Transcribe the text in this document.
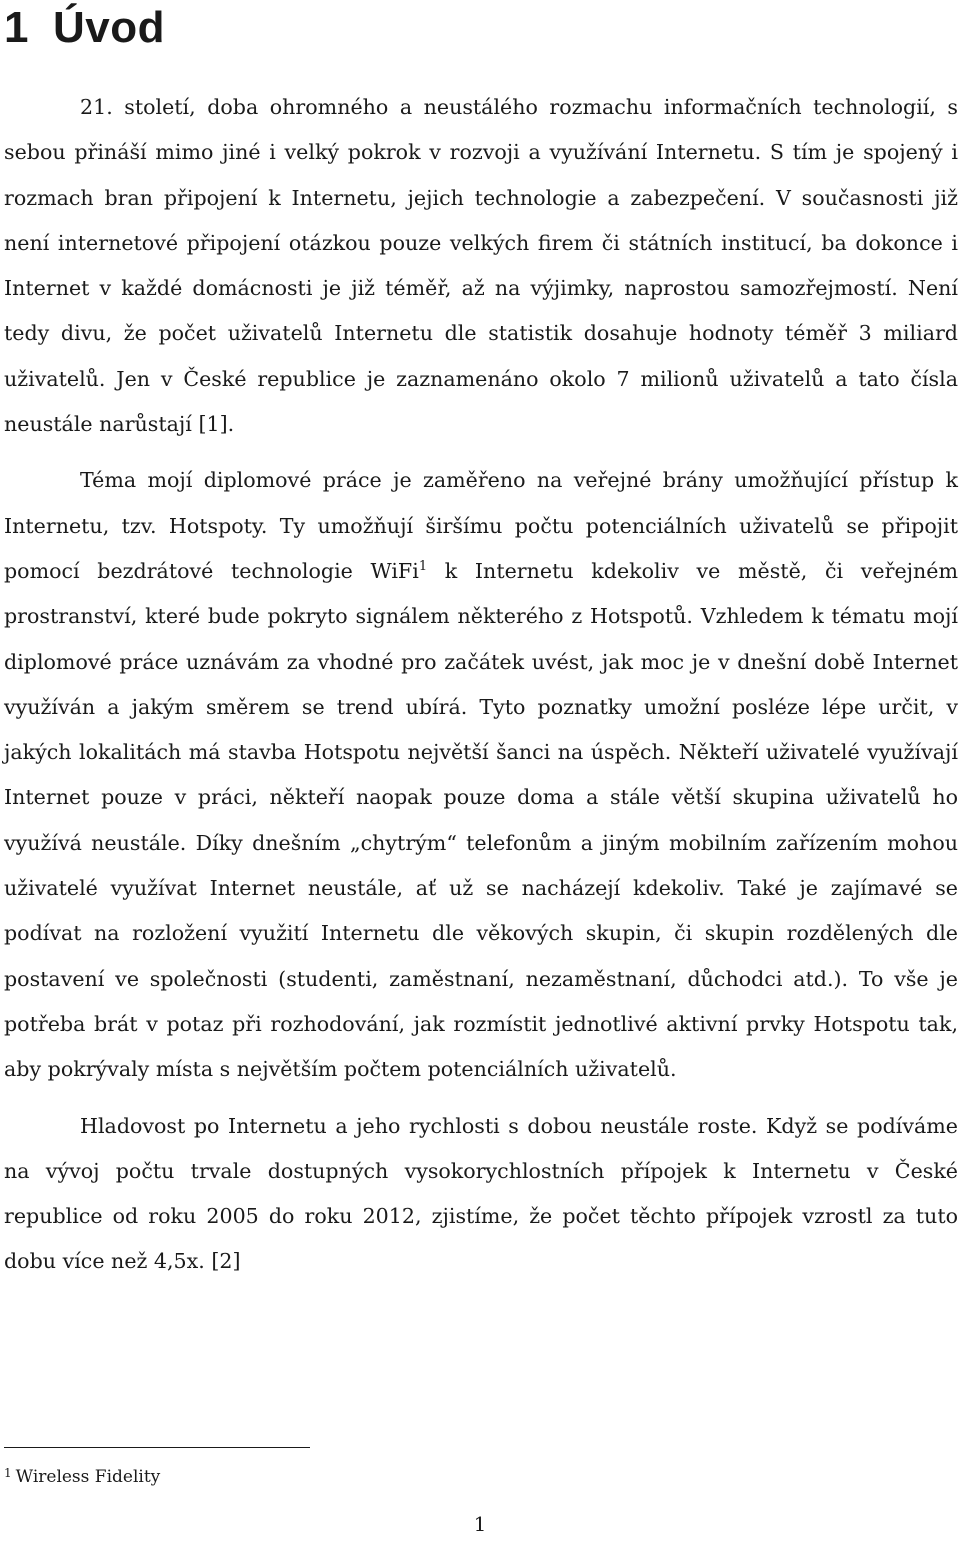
1 Úvod

21. století, doba ohromného a neustálého rozmachu informačních technologií, s sebou přináší mimo jiné i velký pokrok v rozvoji a využívání Internetu. S tím je spojený i rozmach bran připojení k Internetu, jejich technologie a zabezpečení. V současnosti již není internetové připojení otázkou pouze velkých firem či státních institucí, ba dokonce i Internet v každé domácnosti je již téměř, až na výjimky, naprostou samozřejmostí. Není tedy divu, že počet uživatelů Internetu dle statistik dosahuje hodnoty téměř 3 miliard uživatelů. Jen v České republice je zaznamenáno okolo 7 milionů uživatelů a tato čísla neustále narůstají [1].

Téma mojí diplomové práce je zaměřeno na veřejné brány umožňující přístup k Internetu, tzv. Hotspoty. Ty umožňují širšímu počtu potenciálních uživatelů se připojit pomocí bezdrátové technologie WiFi$^1$ k Internetu kdekoliv ve městě, či veřejném prostranství, které bude pokryto signálem některého z Hotspotů. Vzhledem k tématu mojí diplomové práce uznávám za vhodné pro začátek uvést, jak moc je v dnešní době Internet využíván a jakým směrem se trend ubírá. Tyto poznatky umožní posléze lépe určit, v jakých lokalitách má stavba Hotspotu největší šanci na úspěch. Někteří uživatelé využívají Internet pouze v práci, někteří naopak pouze doma a stále větší skupina uživatelů ho využívá neustále. Díky dnešním „chytrým“ telefonům a jiným mobilním zařízením mohou uživatelé využívat Internet neustále, ať už se nacházejí kdekoliv. Také je zajímavé se podívat na rozložení využití Internetu dle věkových skupin, či skupin rozdělených dle postavení ve společnosti (studenti, zaměstnaní, nezaměstnaní, důchodci atd.). To vše je potřeba brát v potaz při rozhodování, jak rozmístit jednotlivé aktivní prvky Hotspotu tak, aby pokrývaly místa s největším počtem potenciálních uživatelů.

Hladovost po Internetu a jeho rychlosti s dobou neustále roste. Když se podíváme na vývoj počtu trvale dostupných vysokorychlostních přípojek k Internetu v České republice od roku 2005 do roku 2012, zjistíme, že počet těchto přípojek vzrostl za tuto dobu více než 4,5x. [2]

$^1$ Wireless Fidelity
1
